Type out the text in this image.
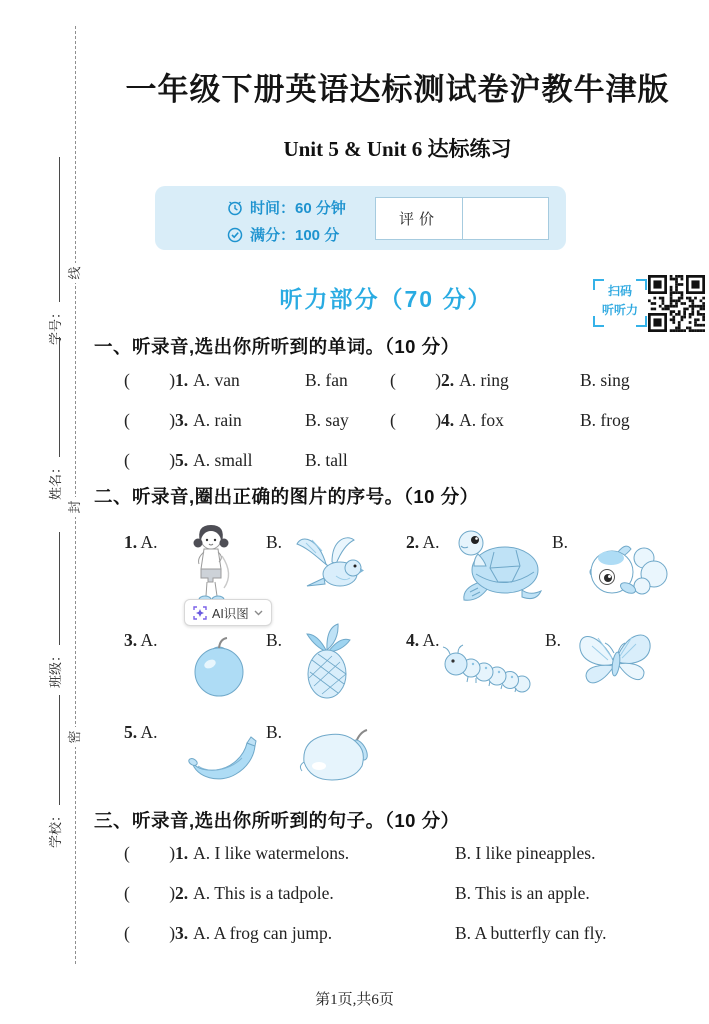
线
封
密
学号：
姓名：
班级：
学校：
一年级下册英语达标测试卷沪教牛津版
Unit 5 & Unit 6 达标练习
时间：60 分钟
满分：100 分
评价
听力部分（70 分）	扫码
听听力
一、听录音,选出你所听到的单词。（10 分）
(         )1. A. van	B. fan	(         )2. A. ring	B. sing
(         )3. A. rain	B. say	(         )4. A. fox	B. frog
(         )5. A. small	B. tall
二、听录音,圈出正确的图片的序号。（10 分）
1. A.	B.	2. A.	B.
3. A.	B.	4. A.	B.
5. A.	B.
AI识图
三、听录音,选出你所听到的句子。（10 分）
(         )1. A. I like watermelons.	B. I like pineapples.
(         )2. A. This is a tadpole.	B. This is an apple.
(         )3. A. A frog can jump.	B. A butterfly can fly.
第1页,共6页
